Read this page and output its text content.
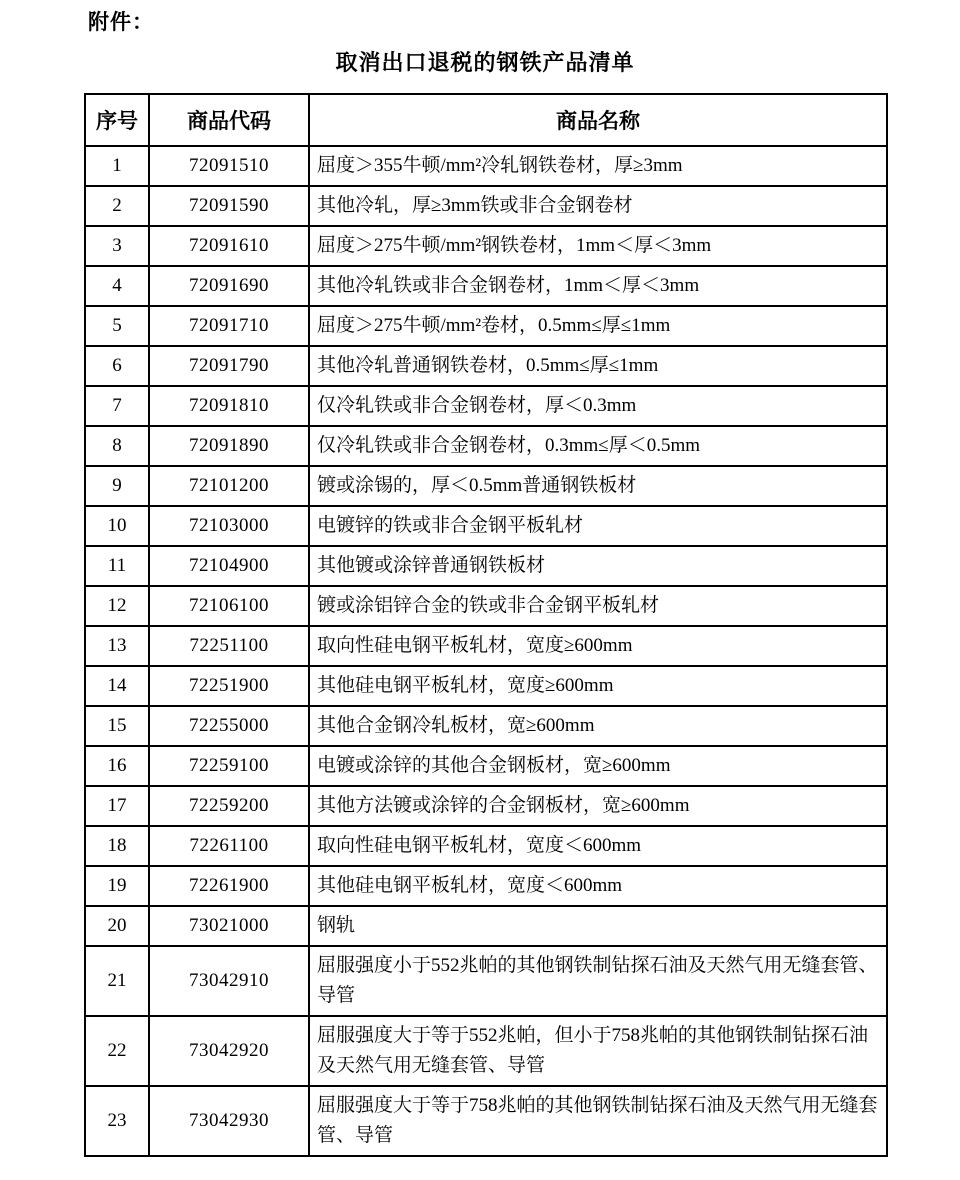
附件：
取消出口退税的钢铁产品清单
序号	商品代码	商品名称
1	72091510	屈度＞355牛顿/mm²冷轧钢铁卷材，厚≥3mm
2	72091590	其他冷轧，厚≥3mm铁或非合金钢卷材
3	72091610	屈度＞275牛顿/mm²钢铁卷材，1mm＜厚＜3mm
4	72091690	其他冷轧铁或非合金钢卷材，1mm＜厚＜3mm
5	72091710	屈度＞275牛顿/mm²卷材，0.5mm≤厚≤1mm
6	72091790	其他冷轧普通钢铁卷材，0.5mm≤厚≤1mm
7	72091810	仅冷轧铁或非合金钢卷材，厚＜0.3mm
8	72091890	仅冷轧铁或非合金钢卷材，0.3mm≤厚＜0.5mm
9	72101200	镀或涂锡的，厚＜0.5mm普通钢铁板材
10	72103000	电镀锌的铁或非合金钢平板轧材
11	72104900	其他镀或涂锌普通钢铁板材
12	72106100	镀或涂铝锌合金的铁或非合金钢平板轧材
13	72251100	取向性硅电钢平板轧材，宽度≥600mm
14	72251900	其他硅电钢平板轧材，宽度≥600mm
15	72255000	其他合金钢冷轧板材，宽≥600mm
16	72259100	电镀或涂锌的其他合金钢板材，宽≥600mm
17	72259200	其他方法镀或涂锌的合金钢板材，宽≥600mm
18	72261100	取向性硅电钢平板轧材，宽度＜600mm
19	72261900	其他硅电钢平板轧材，宽度＜600mm
20	73021000	钢轨
21	73042910	屈服强度小于552兆帕的其他钢铁制钻探石油及天然气用无缝套管、导管
22	73042920	屈服强度大于等于552兆帕，但小于758兆帕的其他钢铁制钻探石油及天然气用无缝套管、导管
23	73042930	屈服强度大于等于758兆帕的其他钢铁制钻探石油及天然气用无缝套管、导管
